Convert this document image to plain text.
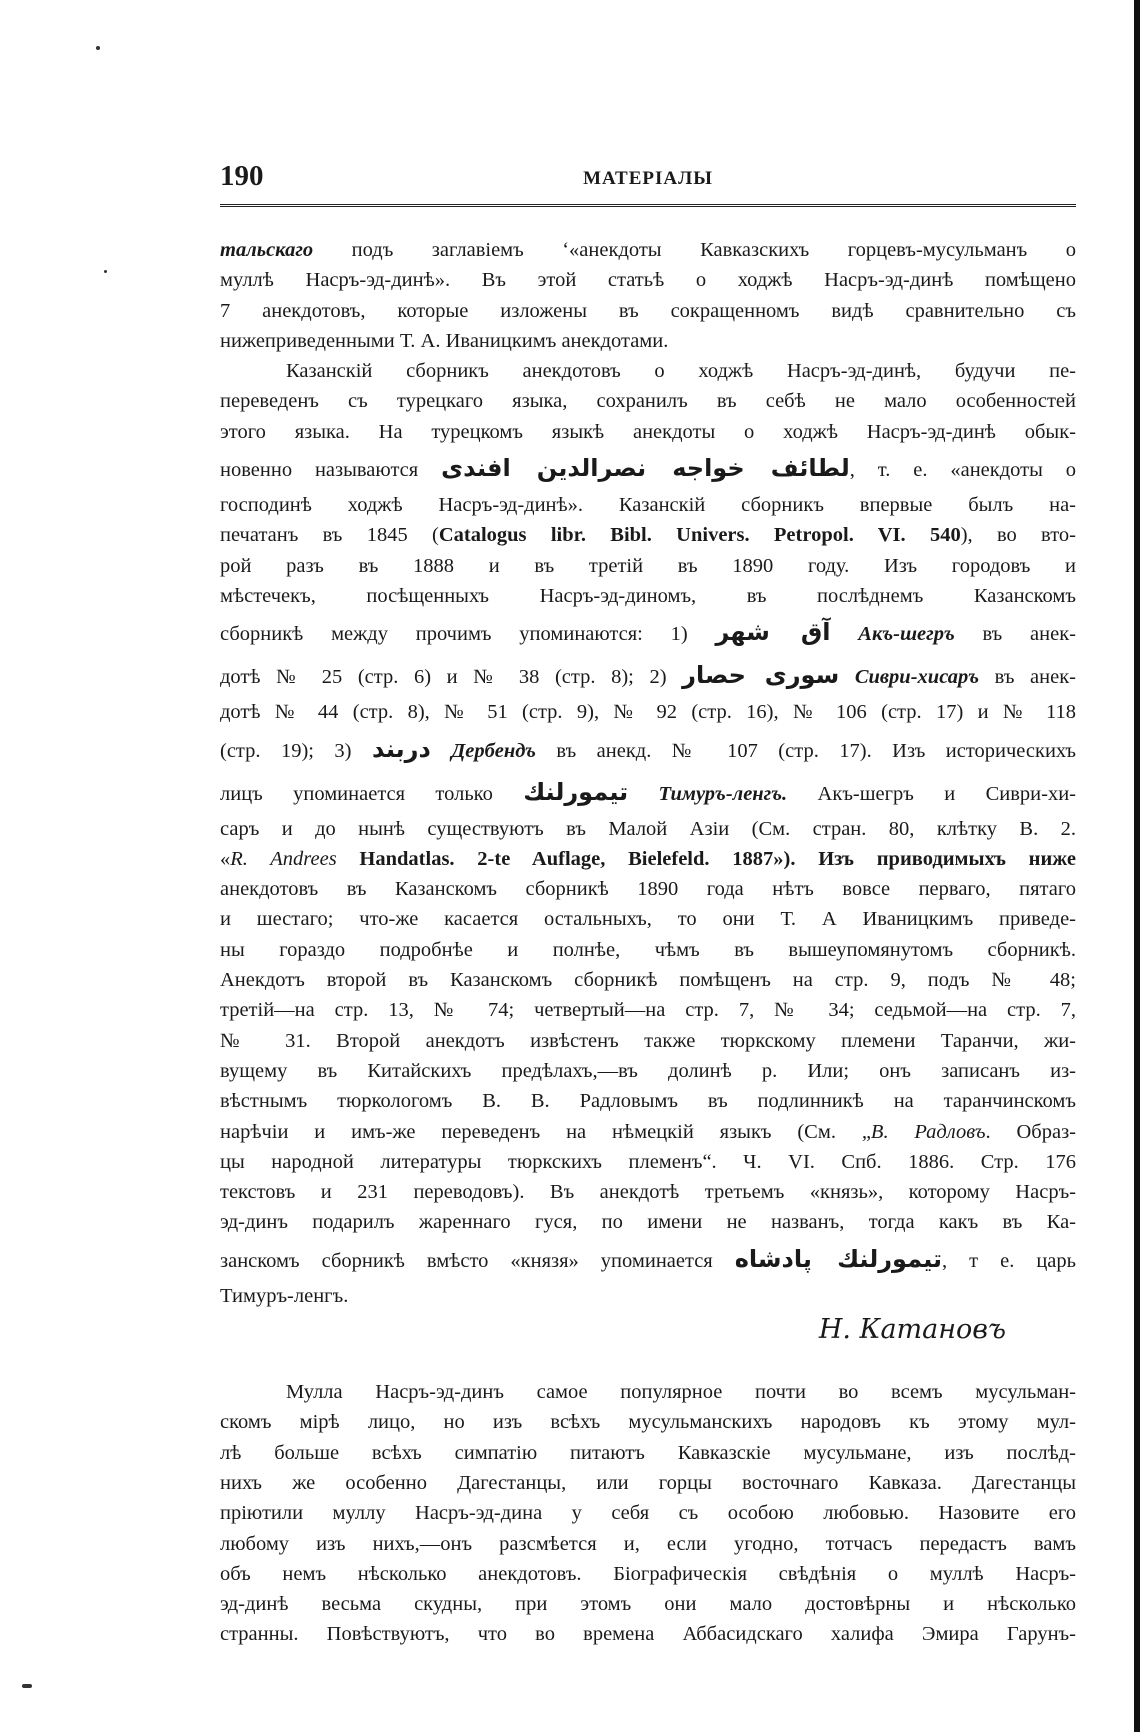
190	МАТЕРІАЛЫ
тальскаго подъ заглавіемъ ‘«анекдоты Кавказскихъ горцевъ-мусульманъ о
муллѣ Насръ-эд-динѣ». Въ этой статьѣ о ходжѣ Насръ-эд-динѣ помѣщено
7 анекдотовъ, которые изложены въ сокращенномъ видѣ сравнительно съ
нижеприведенными Т. А. Иваницкимъ анекдотами.
Казанскій сборникъ анекдотовъ о ходжѣ Насръ-эд-динѣ, будучи пе-
переведенъ съ турецкаго языка, сохранилъ въ себѣ не мало особенностей
этого языка. На турецкомъ языкѣ анекдоты о ходжѣ Насръ-эд-динѣ обык-
новенно называются لطائف خواجه نصرالدین افندی, т. е. «анекдоты о
господинѣ ходжѣ Насръ-эд-динѣ». Казанскій сборникъ впервые былъ на-
печатанъ въ 1845 (Catalogus libr. Bibl. Univers. Petropol. VI. 540), во вто-
рой разъ въ 1888 и въ третій въ 1890 году. Изъ городовъ и
мѣстечекъ, посѣщенныхъ Насръ-эд-диномъ, въ послѣднемъ Казанскомъ
сборникѣ между прочимъ упоминаются: 1) آق شهر Акъ-шегръ въ анек-
дотѣ № 25 (стр. 6) и № 38 (стр. 8); 2) سوری حصار Сиври-хисаръ въ анек-
дотѣ № 44 (стр. 8), № 51 (стр. 9), № 92 (стр. 16), № 106 (стр. 17) и № 118
(стр. 19); 3) دربند Дербендъ въ анекд. № 107 (стр. 17). Изъ историческихъ
лицъ упоминается только تيمورلنك Тимуръ-ленгъ. Акъ-шегръ и Сиври-хи-
саръ и до нынѣ существуютъ въ Малой Азіи (См. стран. 80, клѣтку В. 2.
«R. Andrees Handatlas. 2-te Auflage, Bielefeld. 1887»). Изъ приводимыхъ ниже
анекдотовъ въ Казанскомъ сборникѣ 1890 года нѣтъ вовсе перваго, пятаго
и шестаго; что-же касается остальныхъ, то они Т. А Иваницкимъ приведе-
ны гораздо подробнѣе и полнѣе, чѣмъ въ вышеупомянутомъ сборникѣ.
Анекдотъ второй въ Казанскомъ сборникѣ помѣщенъ на стр. 9, подъ № 48;
третій—на стр. 13, № 74; четвертый—на стр. 7, № 34; седьмой—на стр. 7,
№ 31. Второй анекдотъ извѣстенъ также тюркскому племени Таранчи, жи-
вущему въ Китайскихъ предѣлахъ,—въ долинѣ р. Или; онъ записанъ из-
вѣстнымъ тюркологомъ В. В. Радловымъ въ подлинникѣ на таранчинскомъ
нарѣчіи и имъ-же переведенъ на нѣмецкій языкъ (См. „В. Радловъ. Образ-
цы народной литературы тюркскихъ племенъ“. Ч. VI. Спб. 1886. Стр. 176
текстовъ и 231 переводовъ). Въ анекдотѣ третьемъ «князь», которому Насръ-
эд-динъ подарилъ жареннаго гуся, по имени не названъ, тогда какъ въ Ка-
занскомъ сборникѣ вмѣсто «князя» упоминается تيمورلنك پادشاه, т е. царь
Тимуръ-ленгъ.
Н. Катановъ
Мулла Насръ-эд-динъ самое популярное почти во всемъ мусульман-
скомъ мірѣ лицо, но изъ всѣхъ мусульманскихъ народовъ къ этому мул-
лѣ больше всѣхъ симпатію питаютъ Кавказскіе мусульмане, изъ послѣд-
нихъ же особенно Дагестанцы, или горцы восточнаго Кавказа. Дагестанцы
пріютили муллу Насръ-эд-дина у себя съ особою любовью. Назовите его
любому изъ нихъ,—онъ разсмѣется и, если угодно, тотчасъ передастъ вамъ
объ немъ нѣсколько анекдотовъ. Біографическія свѣдѣнія о муллѣ Насръ-
эд-динѣ весьма скудны, при этомъ они мало достовѣрны и нѣсколько
странны. Повѣствуютъ, что во времена Аббасидскаго халифа Эмира Гарунъ-
